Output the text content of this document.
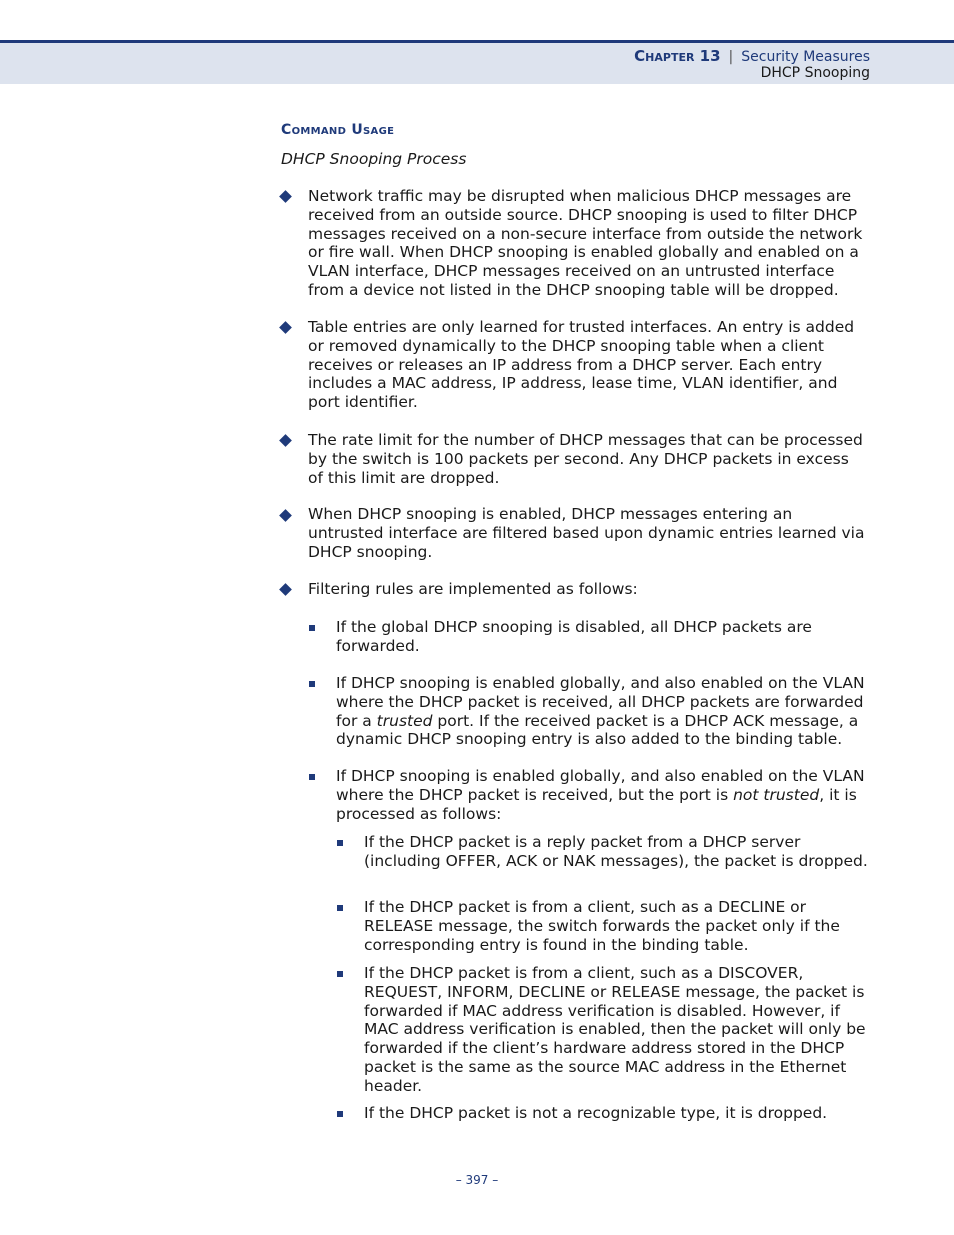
Chapter 13 | Security Measures
DHCP Snooping
Command Usage
DHCP Snooping Process

Network traffic may be disrupted when malicious DHCP messages are received from an outside source. DHCP snooping is used to filter DHCP messages received on a non-secure interface from outside the network or fire wall. When DHCP snooping is enabled globally and enabled on a VLAN interface, DHCP messages received on an untrusted interface from a device not listed in the DHCP snooping table will be dropped.

Table entries are only learned for trusted interfaces. An entry is added or removed dynamically to the DHCP snooping table when a client receives or releases an IP address from a DHCP server. Each entry includes a MAC address, IP address, lease time, VLAN identifier, and port identifier.

The rate limit for the number of DHCP messages that can be processed by the switch is 100 packets per second. Any DHCP packets in excess of this limit are dropped.

When DHCP snooping is enabled, DHCP messages entering an untrusted interface are filtered based upon dynamic entries learned via DHCP snooping.

Filtering rules are implemented as follows:

If the global DHCP snooping is disabled, all DHCP packets are forwarded.

If DHCP snooping is enabled globally, and also enabled on the VLAN where the DHCP packet is received, all DHCP packets are forwarded for a trusted port. If the received packet is a DHCP ACK message, a dynamic DHCP snooping entry is also added to the binding table.

If DHCP snooping is enabled globally, and also enabled on the VLAN where the DHCP packet is received, but the port is not trusted, it is processed as follows:

If the DHCP packet is a reply packet from a DHCP server (including OFFER, ACK or NAK messages), the packet is dropped.

If the DHCP packet is from a client, such as a DECLINE or RELEASE message, the switch forwards the packet only if the corresponding entry is found in the binding table.

If the DHCP packet is from a client, such as a DISCOVER, REQUEST, INFORM, DECLINE or RELEASE message, the packet is forwarded if MAC address verification is disabled. However, if MAC address verification is enabled, then the packet will only be forwarded if the client’s hardware address stored in the DHCP packet is the same as the source MAC address in the Ethernet header.

If the DHCP packet is not a recognizable type, it is dropped.

– 397 –
